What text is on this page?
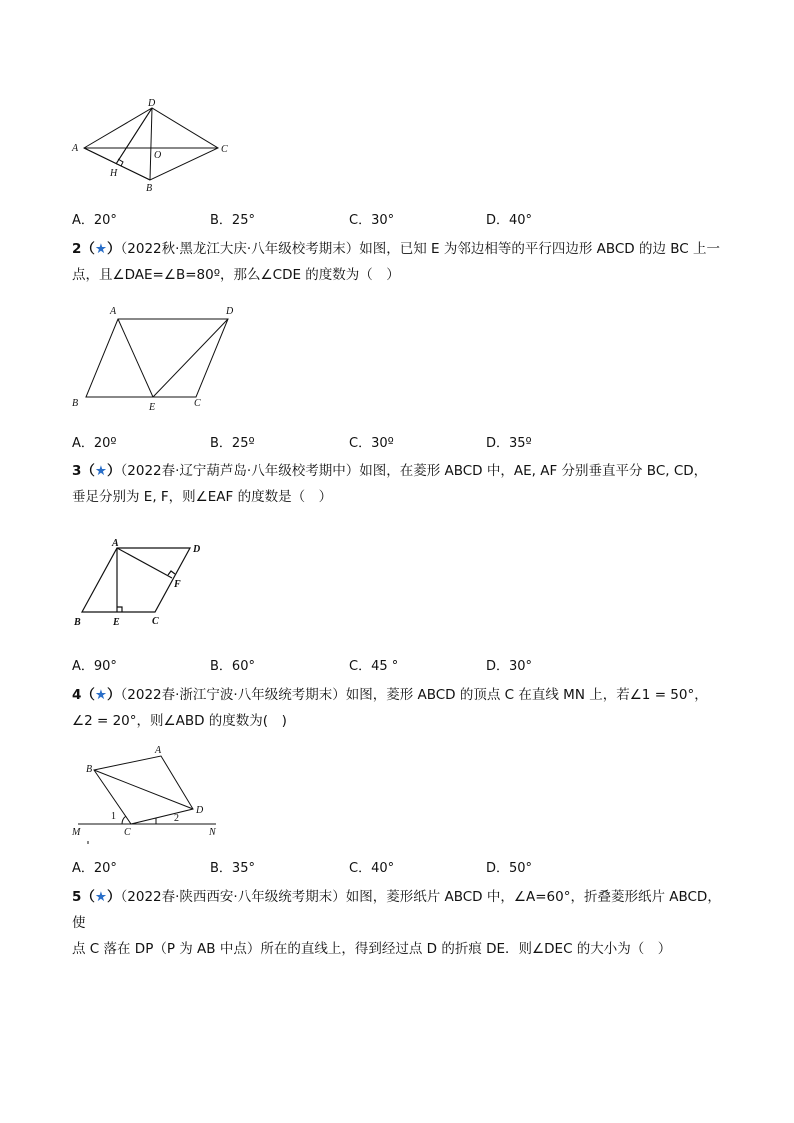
A
D
C
B
O
H
A．20°	B．25°	C．30°	D．40°
2（★）（2022秋·黑龙江大庆·八年级校考期末）如图，已知 E 为邻边相等的平行四边形 ABCD 的边 BC 上一
点，且∠DAE=∠B=80º，那么∠CDE 的度数为（　）
A	D
B	E	C
A．20º	B．25º	C．30º	D．35º
3（★）（2022春·辽宁葫芦岛·八年级校考期中）如图，在菱形 ABCD 中，AE, AF 分别垂直平分 BC, CD，
垂足分别为 E, F，则∠EAF 的度数是（　）
A
D
B	E	C
F
A．90°	B．60°	C．45 °	D．30°
4（★）（2022春·浙江宁波·八年级统考期末）如图，菱形 ABCD 的顶点 C 在直线 MN 上，若∠1 = 50°，
∠2 = 20°，则∠ABD 的度数为(　)
B
A
D
C
M	N
1	2
A．20°	B．35°	C．40°	D．50°
5（★）（2022春·陕西西安·八年级统考期末）如图，菱形纸片 ABCD 中，∠A=60°，折叠菱形纸片 ABCD，使
点 C 落在 DP（P 为 AB 中点）所在的直线上，得到经过点 D 的折痕 DE．则∠DEC 的大小为（　）
